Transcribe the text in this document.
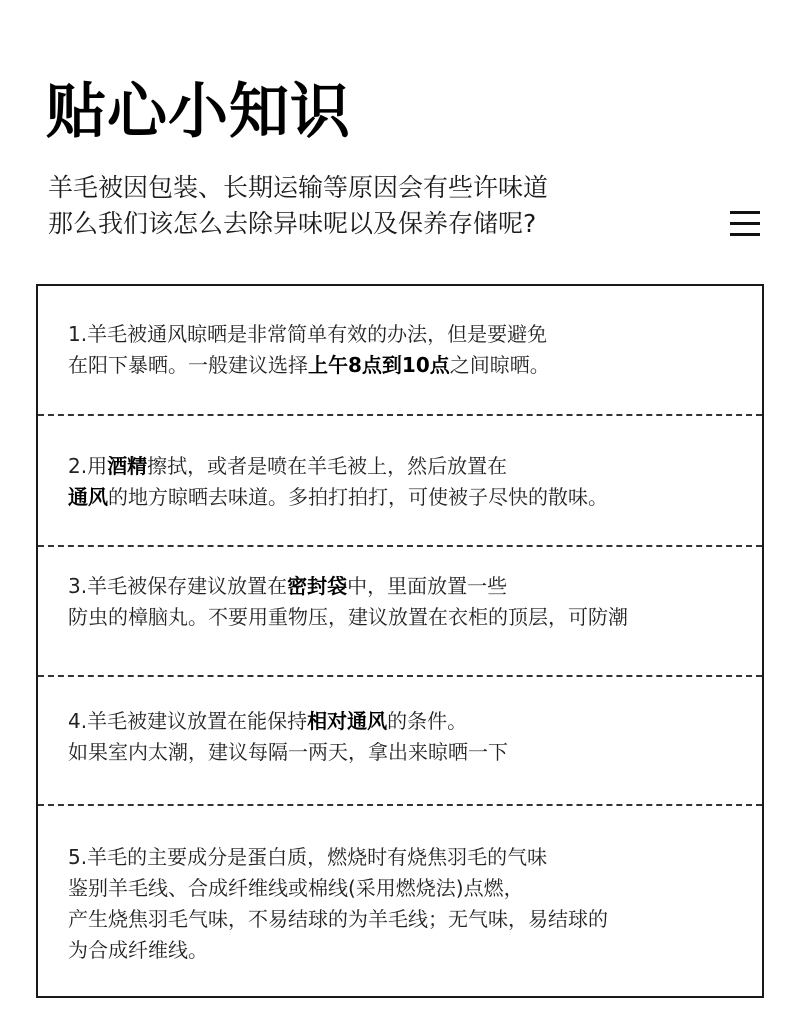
贴心小知识
羊毛被因包装、长期运输等原因会有些许味道
那么我们该怎么去除异味呢以及保养存储呢?
1.羊毛被通风晾晒是非常简单有效的办法，但是要避免
在阳下暴晒。一般建议选择上午8点到10点之间晾晒。
2.用酒精擦拭，或者是喷在羊毛被上，然后放置在
通风的地方晾晒去味道。多拍打拍打，可使被子尽快的散味。
3.羊毛被保存建议放置在密封袋中，里面放置一些
防虫的樟脑丸。不要用重物压，建议放置在衣柜的顶层，可防潮
4.羊毛被建议放置在能保持相对通风的条件。
如果室内太潮，建议每隔一两天，拿出来晾晒一下
5.羊毛的主要成分是蛋白质，燃烧时有烧焦羽毛的气味
鉴别羊毛线、合成纤维线或棉线(采用燃烧法)点燃，
产生烧焦羽毛气味，不易结球的为羊毛线；无气味，易结球的
为合成纤维线。
